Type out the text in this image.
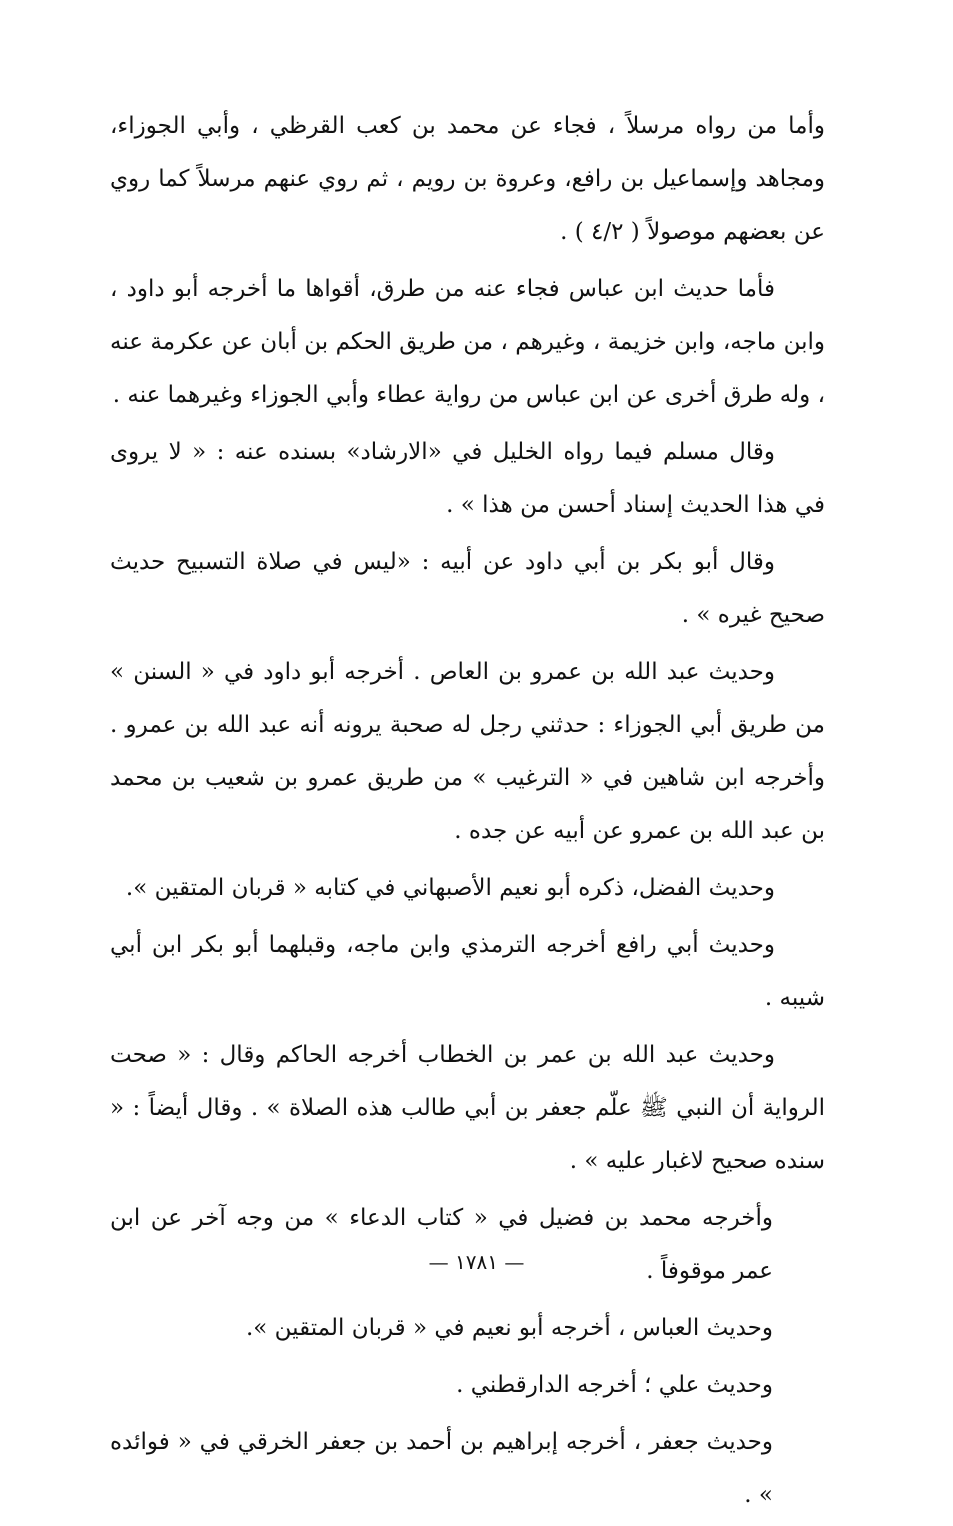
وأما من رواه مرسلاً ، فجاء عن محمد بن كعب القرظي ، وأبي الجوزاء، ومجاهد وإسماعيل بن رافع، وعروة بن رويم ، ثم روي عنهم مرسلاً كما روي عن بعضهم موصولاً ( ٤/٢ ) .

فأما حديث ابن عباس فجاء عنه من طرق، أقواها ما أخرجه أبو داود ، وابن ماجه، وابن خزيمة ، وغيرهم ، من طريق الحكم بن أبان عن عكرمة عنه ، وله طرق أخرى عن ابن عباس من رواية عطاء وأبي الجوزاء وغيرهما عنه .

وقال مسلم فيما رواه الخليل في «الارشاد» بسنده عنه : « لا يروى في هذا الحديث إسناد أحسن من هذا » .

وقال أبو بكر بن أبي داود عن أبيه : «ليس في صلاة التسبيح حديث صحيح غيره » .

وحديث عبد الله بن عمرو بن العاص . أخرجه أبو داود في « السنن » من طريق أبي الجوزاء : حدثني رجل له صحبة يرونه أنه عبد الله بن عمرو . وأخرجه ابن شاهين في « الترغيب » من طريق عمرو بن شعيب بن محمد بن عبد الله بن عمرو عن أبيه عن جده .

وحديث الفضل، ذكره أبو نعيم الأصبهاني في كتابه « قربان المتقين ».

وحديث أبي رافع أخرجه الترمذي وابن ماجه، وقبلهما أبو بكر ابن أبي شيبه .

وحديث عبد الله بن عمر بن الخطاب أخرجه الحاكم وقال : « صحت الرواية أن النبي ﷺ علّم جعفر بن أبي طالب هذه الصلاة » . وقال أيضاً : « سنده صحيح لاغبار عليه » .

وأخرجه محمد بن فضيل في « كتاب الدعاء » من وجه آخر عن ابن عمر موقوفاً .

وحديث العباس ، أخرجه أبو نعيم في « قربان المتقين ».

وحديث علي ؛ أخرجه الدارقطني .

وحديث جعفر ، أخرجه إبراهيم بن أحمد بن جعفر الخرقي في « فوائده » .

— ١٧٨١ —
